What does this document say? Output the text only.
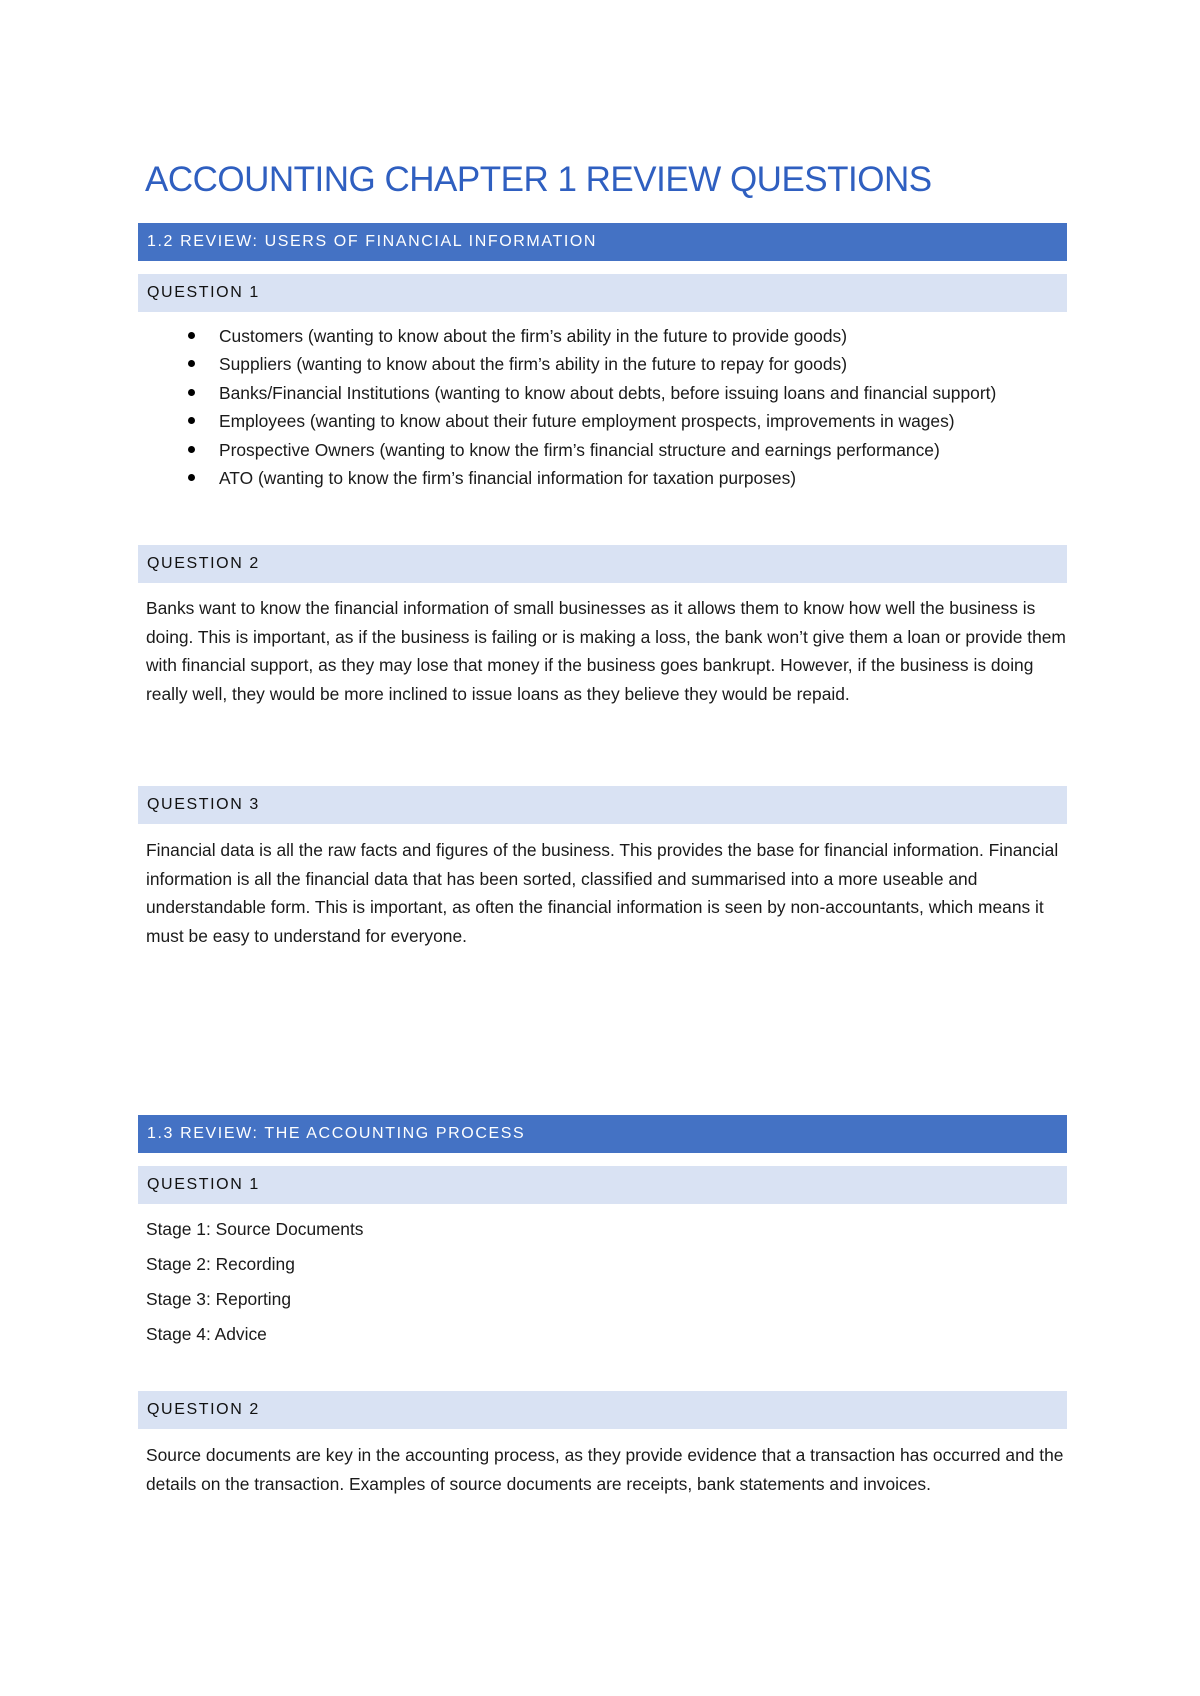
ACCOUNTING CHAPTER 1 REVIEW QUESTIONS
1.2 REVIEW: USERS OF FINANCIAL INFORMATION
QUESTION 1
Customers (wanting to know about the firm’s ability in the future to provide goods)
Suppliers (wanting to know about the firm’s ability in the future to repay for goods)
Banks/Financial Institutions (wanting to know about debts, before issuing loans and financial support)
Employees (wanting to know about their future employment prospects, improvements in wages)
Prospective Owners (wanting to know the firm’s financial structure and earnings performance)
ATO (wanting to know the firm’s financial information for taxation purposes)
QUESTION 2

Banks want to know the financial information of small businesses as it allows them to know how well the business is doing. This is important, as if the business is failing or is making a loss, the bank won’t give them a loan or provide them with financial support, as they may lose that money if the business goes bankrupt. However, if the business is doing really well, they would be more inclined to issue loans as they believe they would be repaid.

QUESTION 3

Financial data is all the raw facts and figures of the business. This provides the base for financial information. Financial information is all the financial data that has been sorted, classified and summarised into a more useable and understandable form. This is important, as often the financial information is seen by non-accountants, which means it must be easy to understand for everyone.

1.3 REVIEW: THE ACCOUNTING PROCESS
QUESTION 1
Stage 1: Source Documents
Stage 2: Recording
Stage 3: Reporting
Stage 4: Advice
QUESTION 2

Source documents are key in the accounting process, as they provide evidence that a transaction has occurred and the details on the transaction. Examples of source documents are receipts, bank statements and invoices.
